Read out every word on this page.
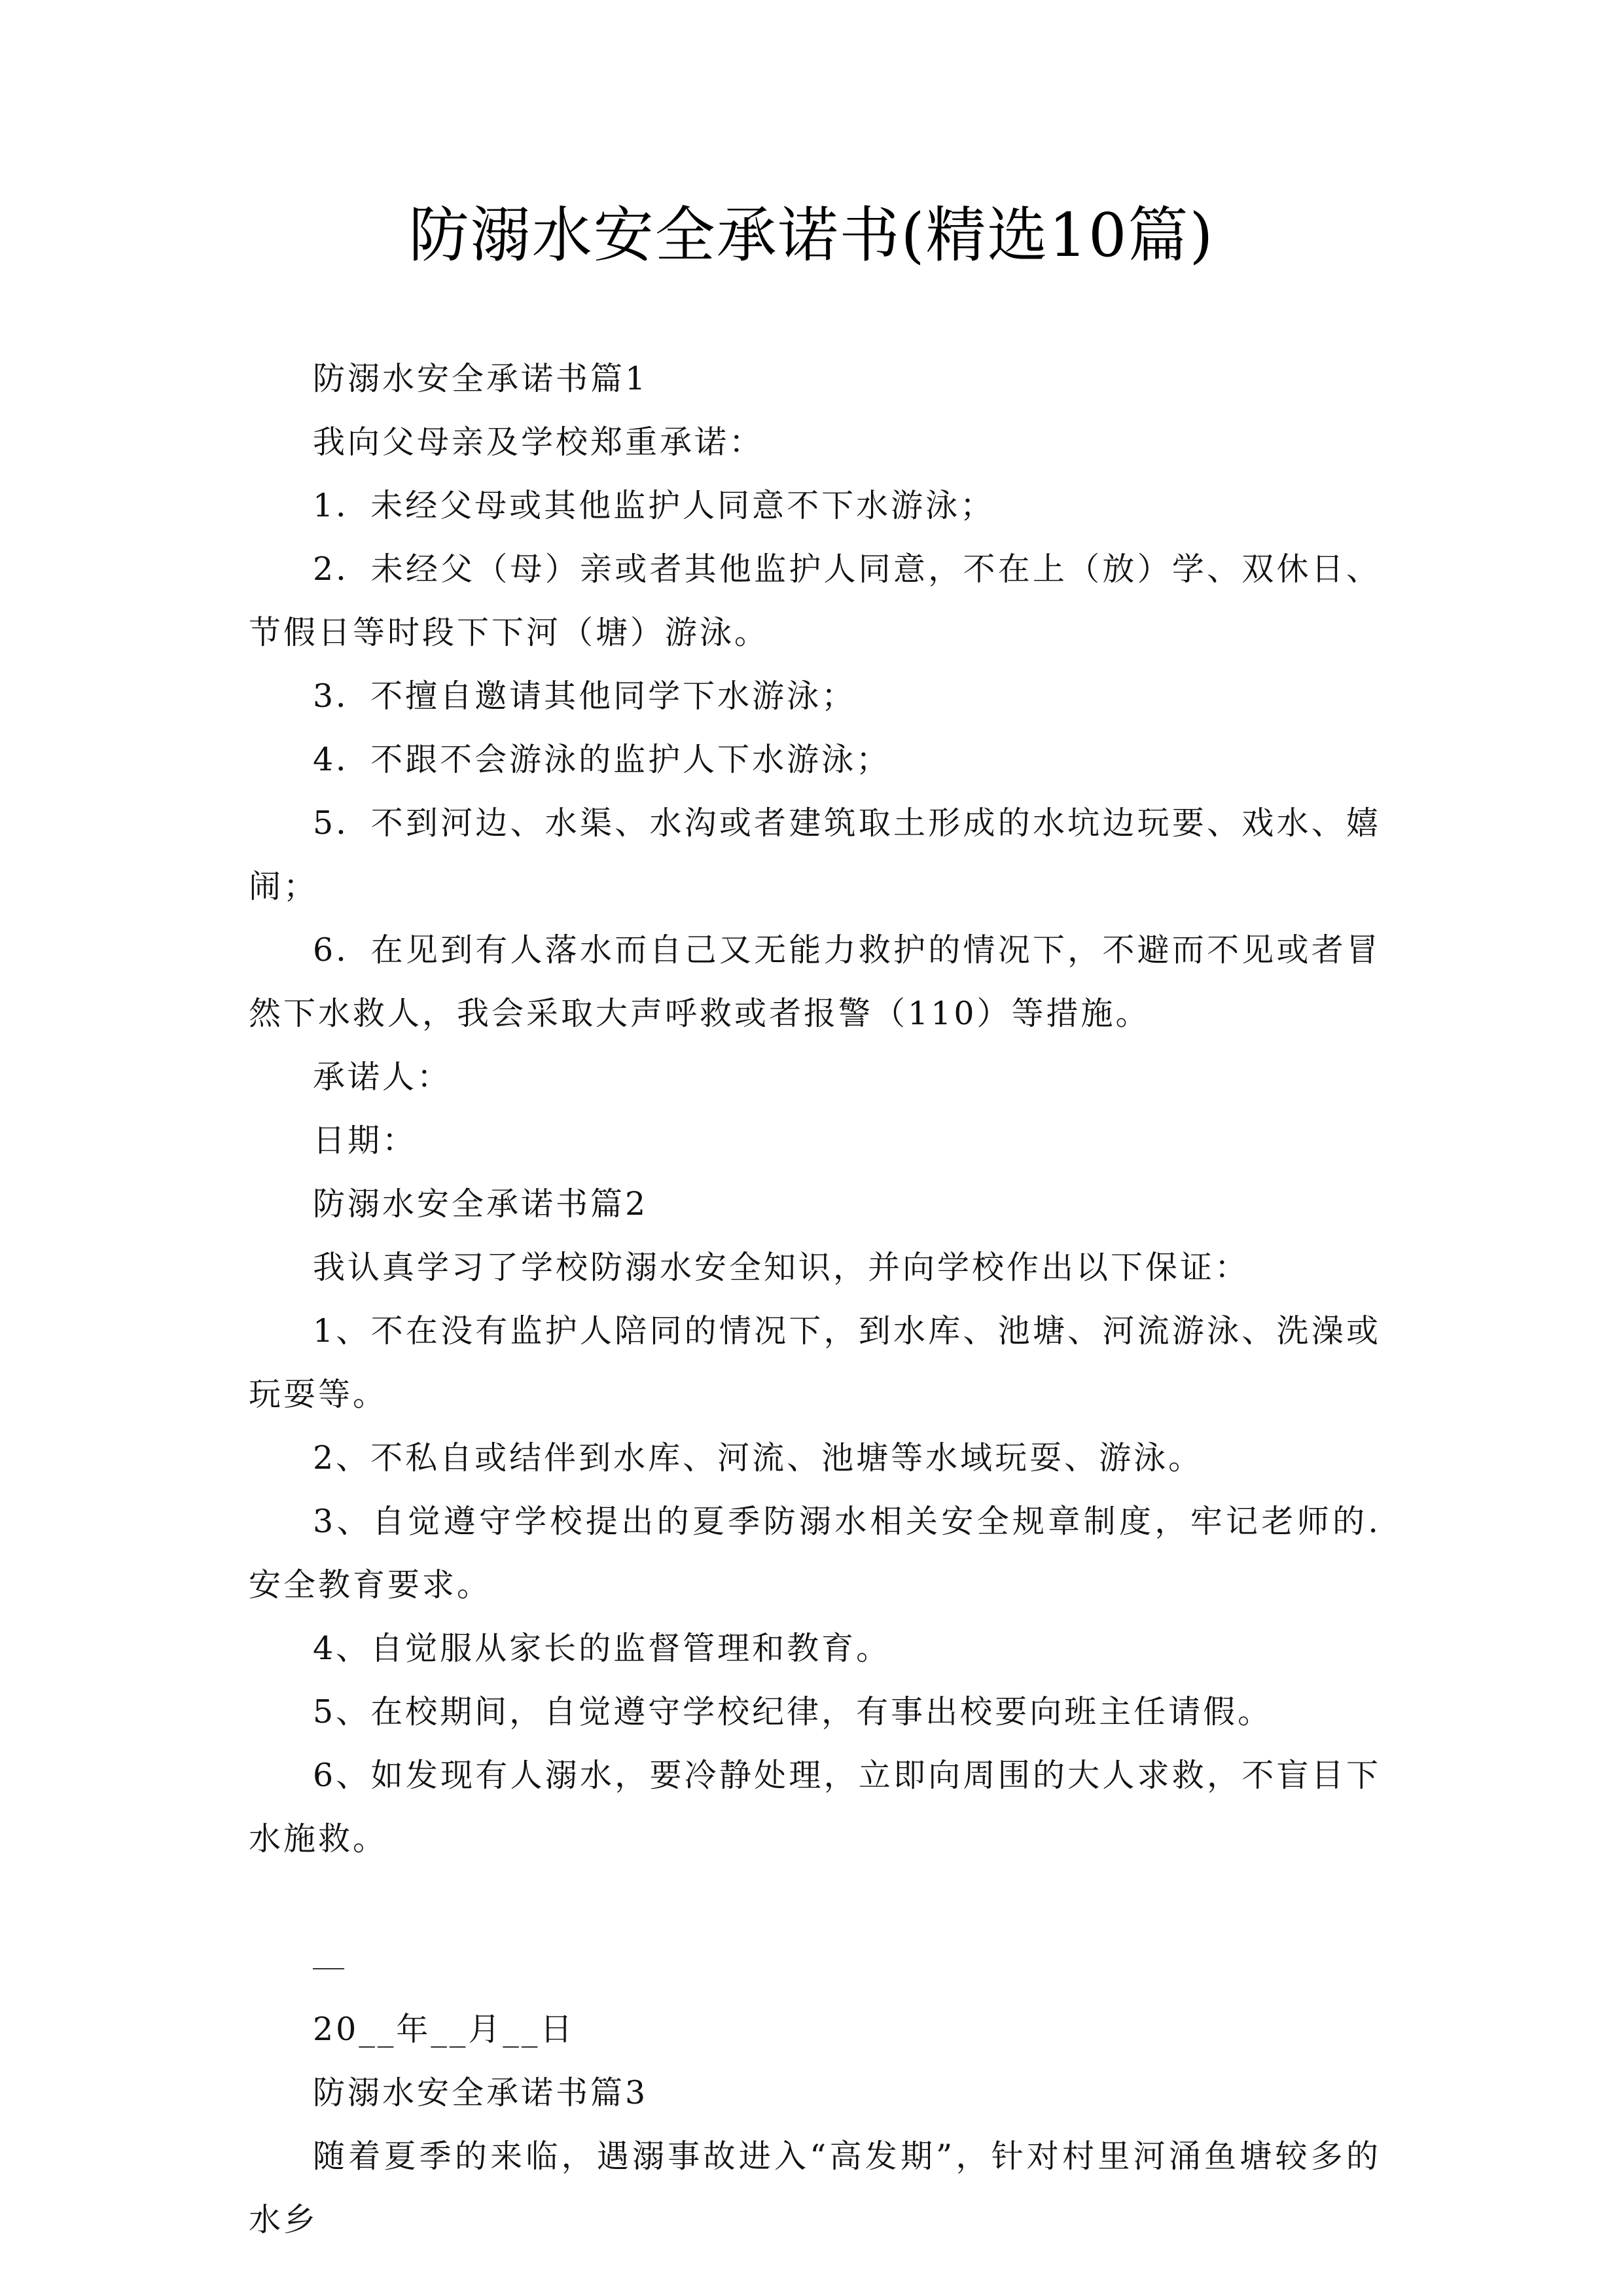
防溺水安全承诺书(精选10篇)

防溺水安全承诺书篇1

我向父母亲及学校郑重承诺：

1．未经父母或其他监护人同意不下水游泳；

2．未经父（母）亲或者其他监护人同意，不在上（放）学、双休日、节假日等时段下下河（塘）游泳。

3．不擅自邀请其他同学下水游泳；

4．不跟不会游泳的监护人下水游泳；

5．不到河边、水渠、水沟或者建筑取土形成的水坑边玩要、戏水、嬉闹；

6．在见到有人落水而自己又无能力救护的情况下，不避而不见或者冒然下水救人，我会采取大声呼救或者报警（110）等措施。

承诺人：

日期：

防溺水安全承诺书篇2

我认真学习了学校防溺水安全知识，并向学校作出以下保证：

1、不在没有监护人陪同的情况下，到水库、池塘、河流游泳、洗澡或玩耍等。

2、不私自或结伴到水库、河流、池塘等水域玩耍、游泳。

3、自觉遵守学校提出的夏季防溺水相关安全规章制度，牢记老师的.安全教育要求。

4、自觉服从家长的监督管理和教育。

5、在校期间，自觉遵守学校纪律，有事出校要向班主任请假。

6、如发现有人溺水，要冷静处理，立即向周围的大人求救，不盲目下水施救。

20__年__月__日

防溺水安全承诺书篇3

随着夏季的来临，遇溺事故进入“高发期”，针对村里河涌鱼塘较多的水乡
